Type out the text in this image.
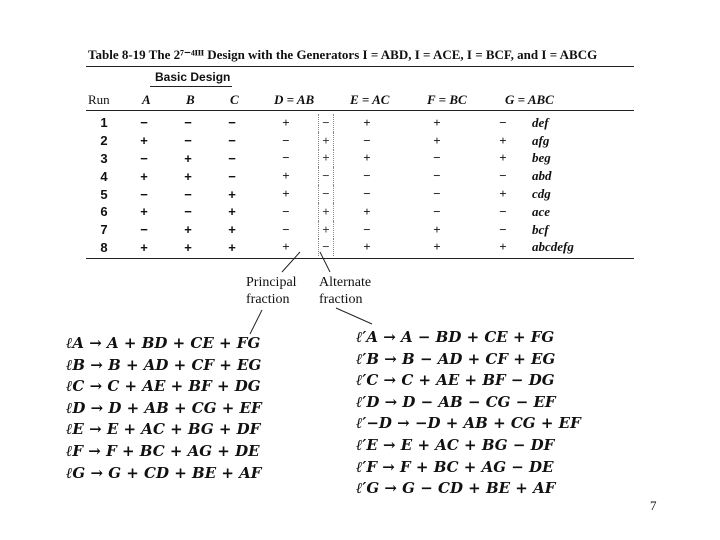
Table 8-19 The 2⁷⁻⁴ᴵᴵᴵ Design with the Generators I = ABD, I = ACE, I = BCF, and I = ABCG
Basic Design
Run A	B	C	D = AB	E = AC	F = BC	G = ABC
1	−	−	−	+	−	+	+	−	def
2	+	−	−	−	+	−	+	+	afg
3	−	+	−	−	+	+	−	+	beg
4	+	+	−	+	−	−	−	−	abd
5	−	−	+	+	−	−	−	+	cdg
6	+	−	+	−	+	+	−	−	ace
7	−	+	+	−	+	−	+	−	bcf
8	+	+	+	+	−	+	+	+	abcdefg
Principal
fraction
Alternate
fraction
ℓA → A + BD + CE + FG
ℓB → B + AD + CF + EG
ℓC → C + AE + BF + DG
ℓD → D + AB + CG + EF
ℓE → E + AC + BG + DF
ℓF → F + BC + AG + DE
ℓG → G + CD + BE + AF
ℓ′A → A − BD + CE + FG
ℓ′B → B − AD + CF + EG
ℓ′C → C + AE + BF − DG
ℓ′D → D − AB − CG − EF
ℓ′−D → −D + AB + CG + EF
ℓ′E → E + AC + BG − DF
ℓ′F → F + BC + AG − DE
ℓ′G → G − CD + BE + AF
7
